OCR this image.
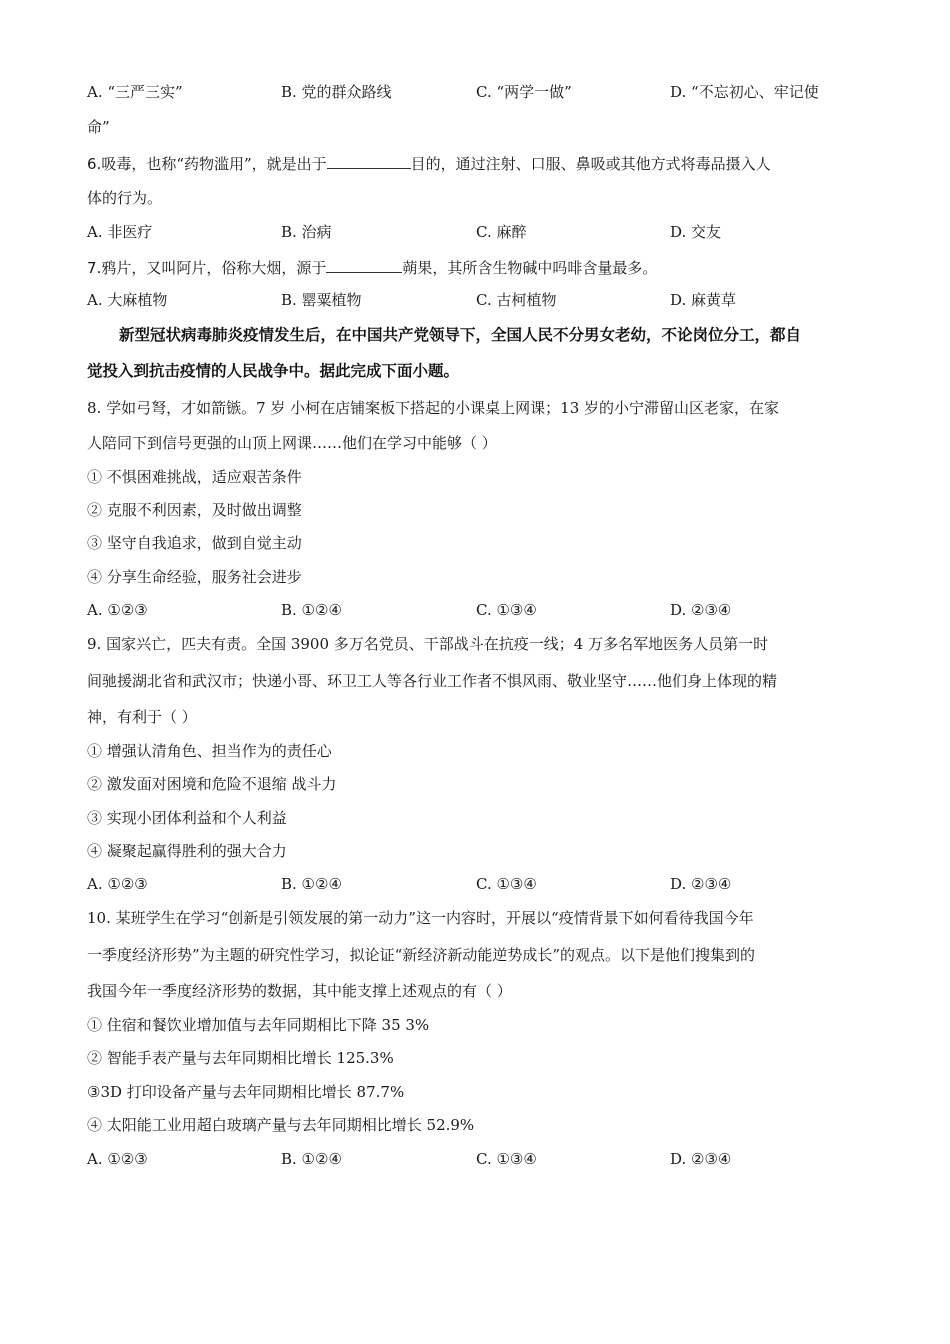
A. “三严三实”	B. 党的群众路线	C. “两学一做”	D. “不忘初心、牢记使
命”
6.吸毒，也称“药物滥用”，就是出于	目的，通过注射、口服、鼻吸或其他方式将毒品摄入人
体的行为。
A. 非医疗	B. 治病	C. 麻醉	D. 交友
7.鸦片，又叫阿片，俗称大烟，源于	蒴果，其所含生物碱中吗啡含量最多。
A. 大麻植物	B. 罂粟植物	C. 古柯植物	D. 麻黄草
新型冠状病毒肺炎疫情发生后，在中国共产党领导下，全国人民不分男女老幼，不论岗位分工，都自
觉投入到抗击疫情的人民战争中。据此完成下面小题。
8. 学如弓弩，才如箭镞。7 岁 小柯在店铺案板下搭起的小课桌上网课；13 岁的小宁滞留山区老家，在家
人陪同下到信号更强的山顶上网课……他们在学习中能够（ ）
① 不惧困难挑战，适应艰苦条件
② 克服不利因素，及时做出调整
③ 坚守自我追求，做到自觉主动
④ 分享生命经验，服务社会进步
A. ①②③	B. ①②④	C. ①③④	D. ②③④
9. 国家兴亡，匹夫有责。全国 3900 多万名党员、干部战斗在抗疫一线；4 万多名军地医务人员第一时
间驰援湖北省和武汉市；快递小哥、环卫工人等各行业工作者不惧风雨、敬业坚守……他们身上体现的精
神，有利于（ ）
① 增强认清角色、担当作为的责任心
② 激发面对困境和危险不退缩 战斗力
③ 实现小团体利益和个人利益
④ 凝聚起赢得胜利的强大合力
A. ①②③	B. ①②④	C. ①③④	D. ②③④
10. 某班学生在学习“创新是引领发展的第一动力”这一内容时，开展以“疫情背景下如何看待我国今年
一季度经济形势”为主题的研究性学习，拟论证“新经济新动能逆势成长”的观点。以下是他们搜集到的
我国今年一季度经济形势的数据，其中能支撑上述观点的有（ ）
① 住宿和餐饮业增加值与去年同期相比下降 35 3%
② 智能手表产量与去年同期相比增长 125.3%
③3D 打印设备产量与去年同期相比增长 87.7%
④ 太阳能工业用超白玻璃产量与去年同期相比增长 52.9%
A. ①②③	B. ①②④	C. ①③④	D. ②③④
